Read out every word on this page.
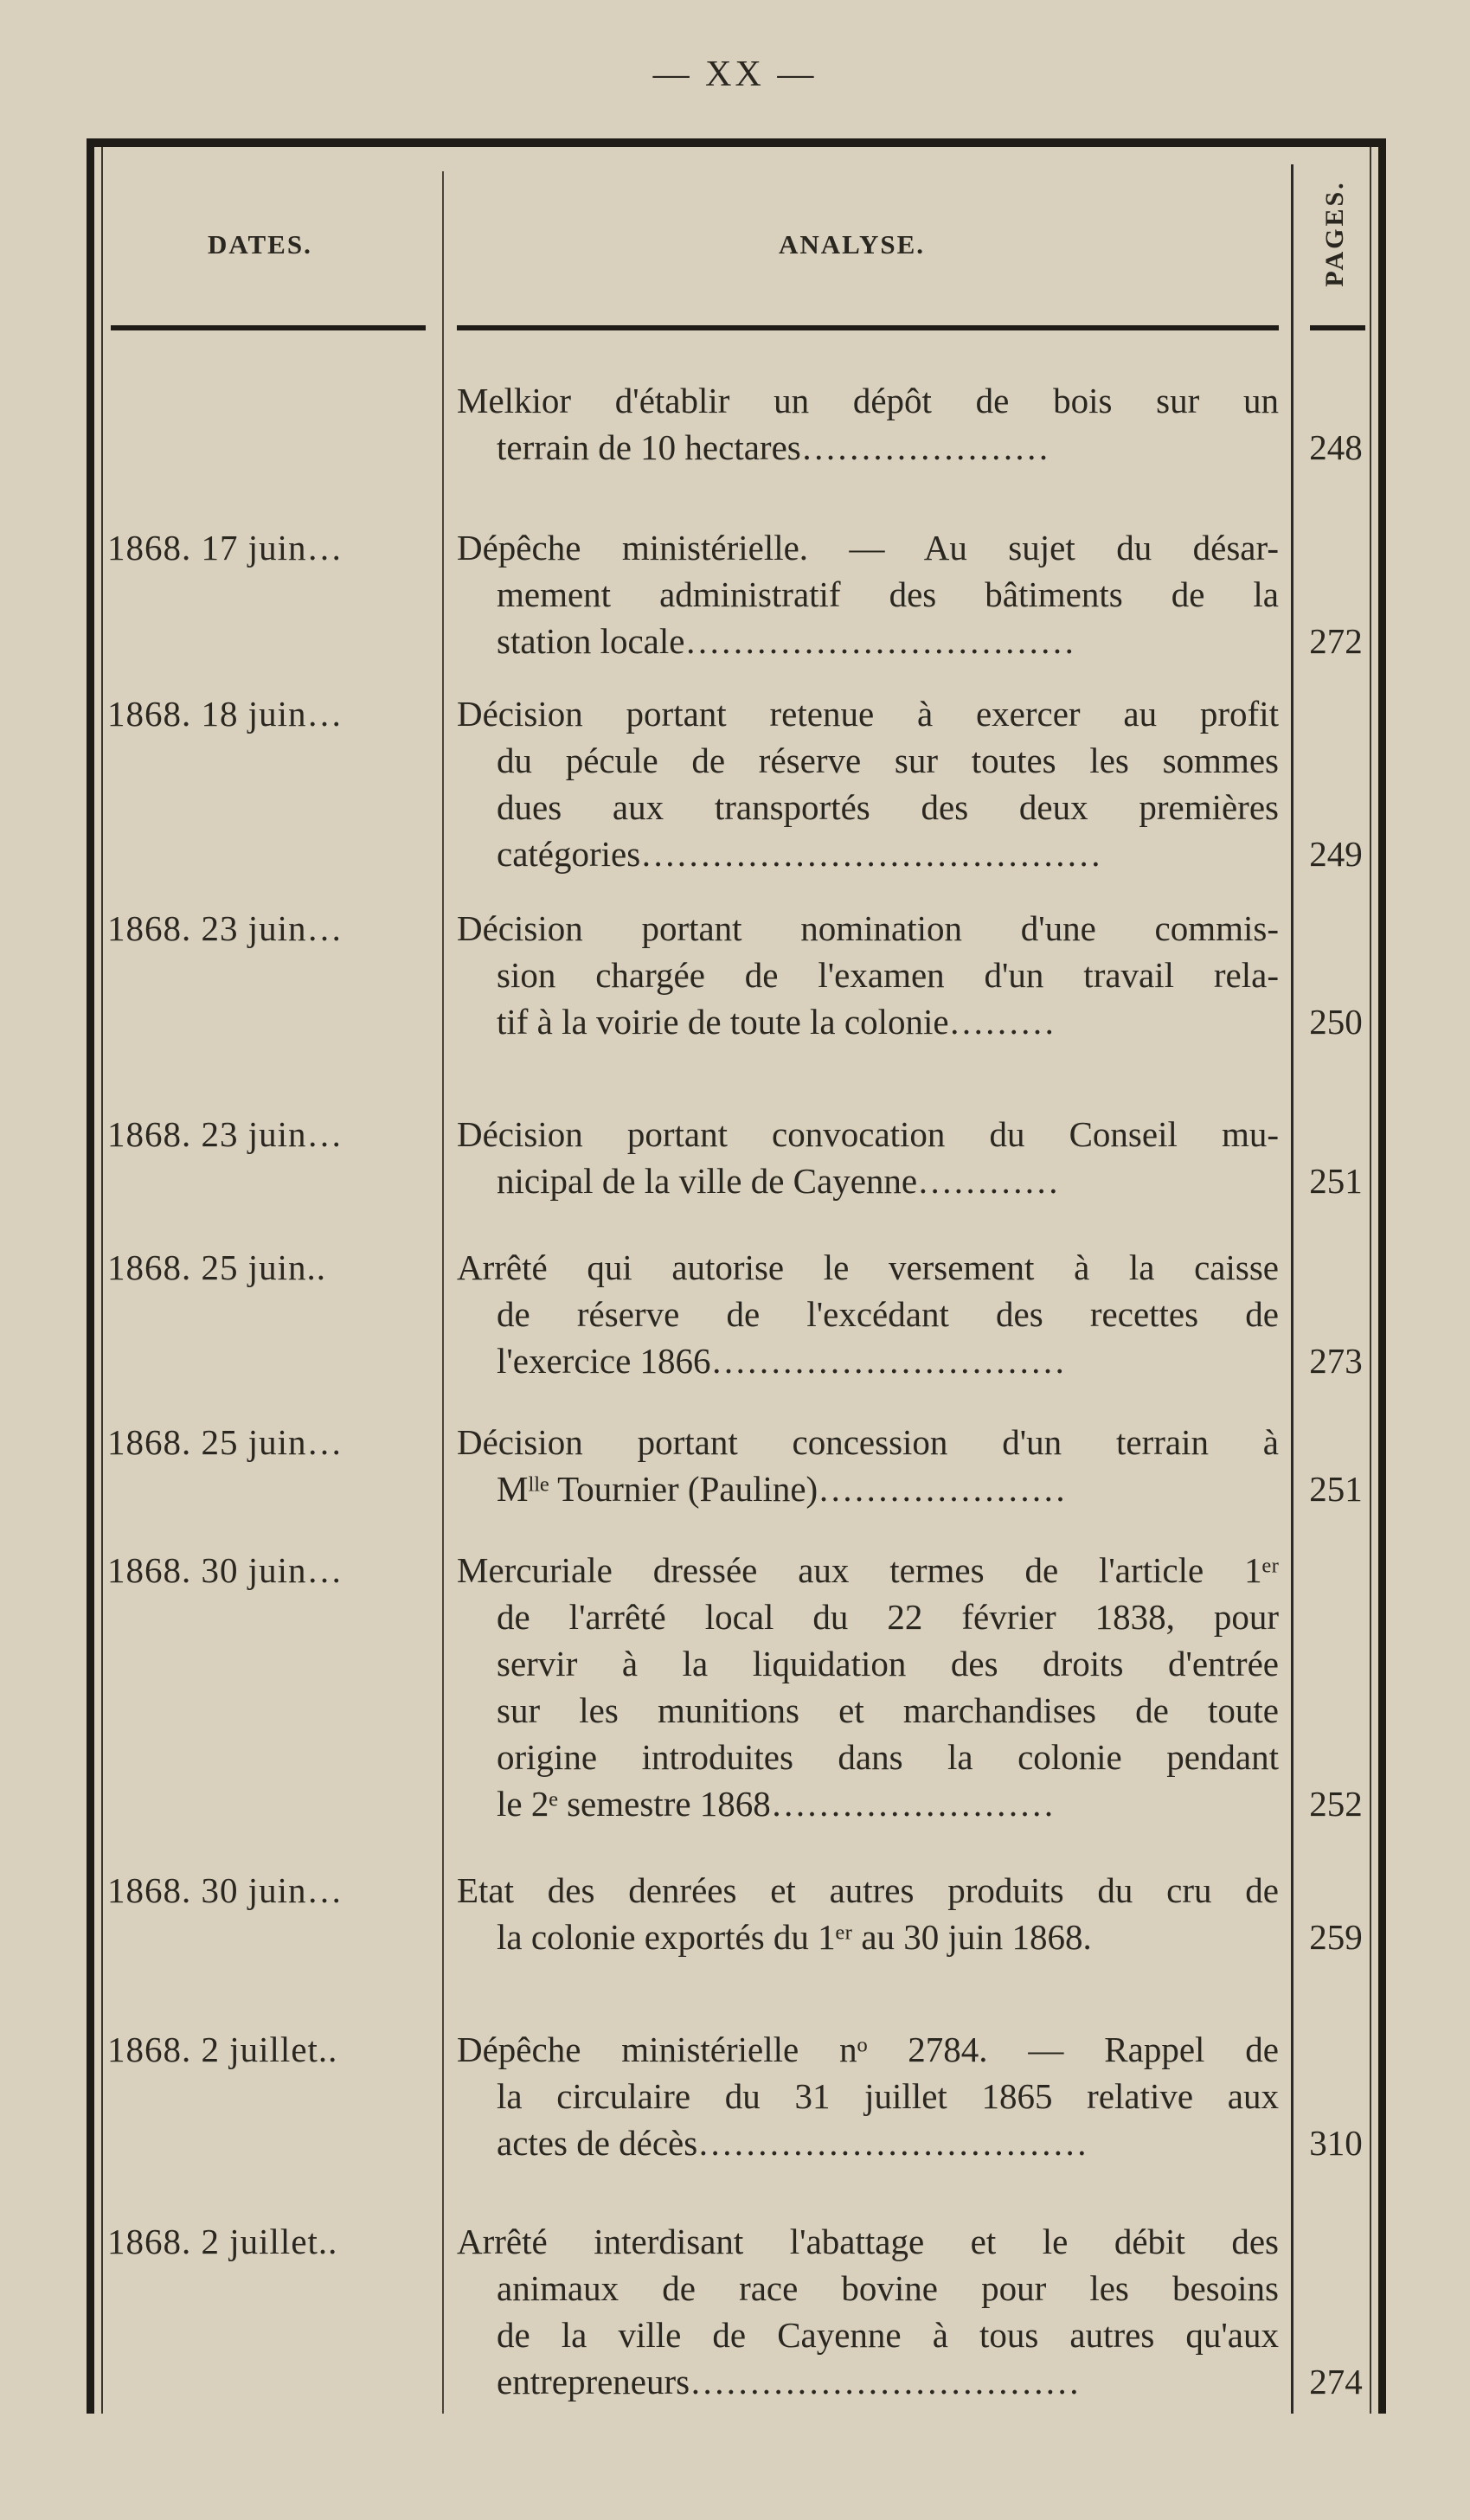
— XX —
DATES.	ANALYSE.	PAGES.
Melkior d'établir un dépôt de bois sur un
terrain de 10 hectares…………………	248
1868. 17 juin…	Dépêche ministérielle. — Au sujet du désar-
mement administratif des bâtiments de la
station locale……………………………	272
1868. 18 juin…	Décision portant retenue à exercer au profit
du pécule de réserve sur toutes les sommes
dues aux transportés des deux premières
catégories…………………………………	249
1868. 23 juin…	Décision portant nomination d'une commis-
sion chargée de l'examen d'un travail rela-
tif à la voirie de toute la colonie………	250
1868. 23 juin…	Décision portant convocation du Conseil mu-
nicipal de la ville de Cayenne…………	251
1868. 25 juin..	Arrêté qui autorise le versement à la caisse
de réserve de l'excédant des recettes de
l'exercice 1866…………………………	273
1868. 25 juin…	Décision portant concession d'un terrain à
Mˡˡᵉ Tournier (Pauline)…………………	251
1868. 30 juin…	Mercuriale dressée aux termes de l'article 1ᵉʳ
de l'arrêté local du 22 février 1838, pour
servir à la liquidation des droits d'entrée
sur les munitions et marchandises de toute
origine introduites dans la colonie pendant
le 2ᵉ semestre 1868……………………	252
1868. 30 juin…	Etat des denrées et autres produits du cru de
la colonie exportés du 1ᵉʳ au 30 juin 1868.	259
1868. 2 juillet..	Dépêche ministérielle nᵒ 2784. — Rappel de
la circulaire du 31 juillet 1865 relative aux
actes de décès……………………………	310
1868. 2 juillet..	Arrêté interdisant l'abattage et le débit des
animaux de race bovine pour les besoins
de la ville de Cayenne à tous autres qu'aux
entrepreneurs……………………………	274
